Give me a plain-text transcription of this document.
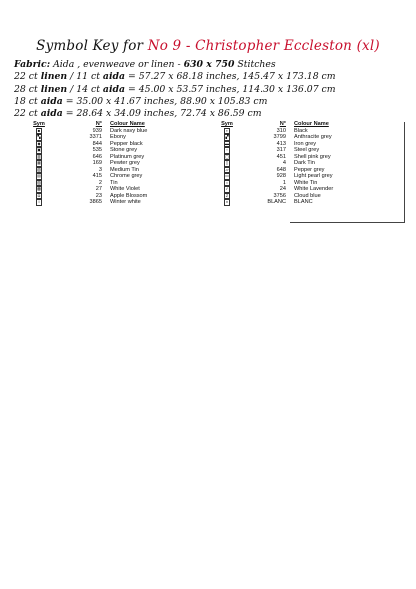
Symbol Key for No 9 - Christopher Eccleston (xl)
Fabric: Aida , evenweave or linen - 630 x 750 Stitches
22 ct linen / 11 ct aida = 57.27 x 68.18 inches, 145.47 x 173.18 cm
28 ct linen / 14 ct aida = 45.00 x 53.57 inches, 114.30 x 136.07 cm
18 ct aida = 35.00 x 41.67 inches, 88.90 x 105.83 cm
22 ct aida = 28.64 x 34.09 inches, 72.74 x 86.59 cm
Sym	N° Colour Name
■	939 Dark navy blue
▚	3371 Ebony
◆	844 Pepper black
▣	535 Stone grey
▥	646 Platinum grey
▦	169 Pewter grey
▧	3 Medium Tin
▤	415 Chrome grey
▨	2 Tin
▩	27 White Violet
◘	23 Apple Blossom
ǀ	3865 Winter white
Sym	N° Colour Name
▪	310 Black
▞	3799 Anthracite grey
▬	413 Iron grey
▫	317 Steel grey
▢	451 Shell pink grey
▯	4 Dark Tin
▱	648 Pepper grey
▭	928 Light pearl grey
○	1 White Tin
✓	24 White Lavender
Z	3756 Cloud blue
v	BLANC BLANC
